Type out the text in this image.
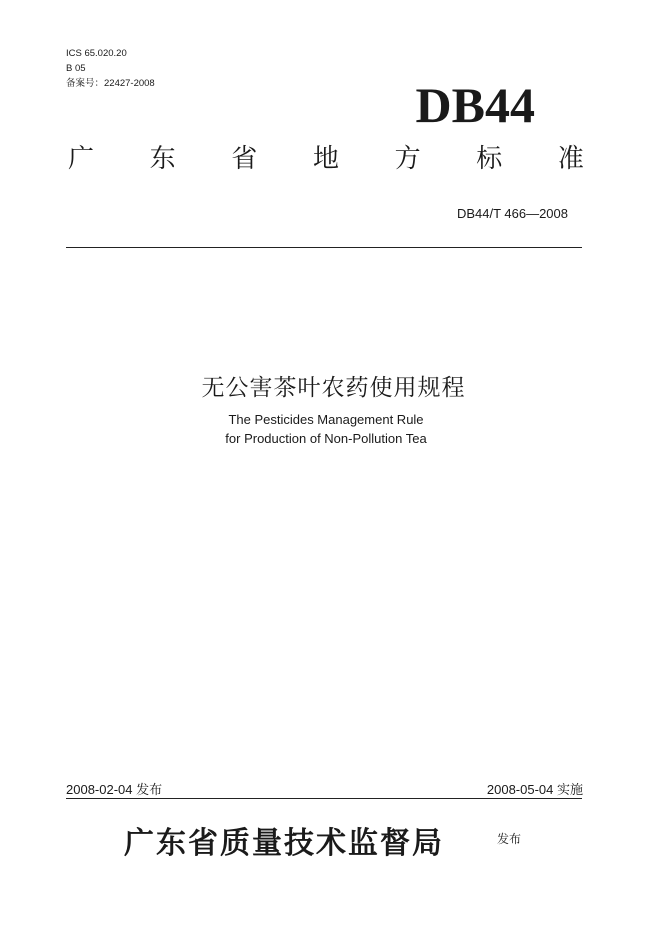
ICS 65.020.20
B 05
备案号：22427-2008	DB44
广 东 省 地 方 标 准
DB44/T 466—2008
无公害茶叶农药使用规程
The Pesticides Management Rule
for Production of Non-Pollution Tea
2008-02-04 发布	2008-05-04 实施
广东省质量技术监督局	发布
